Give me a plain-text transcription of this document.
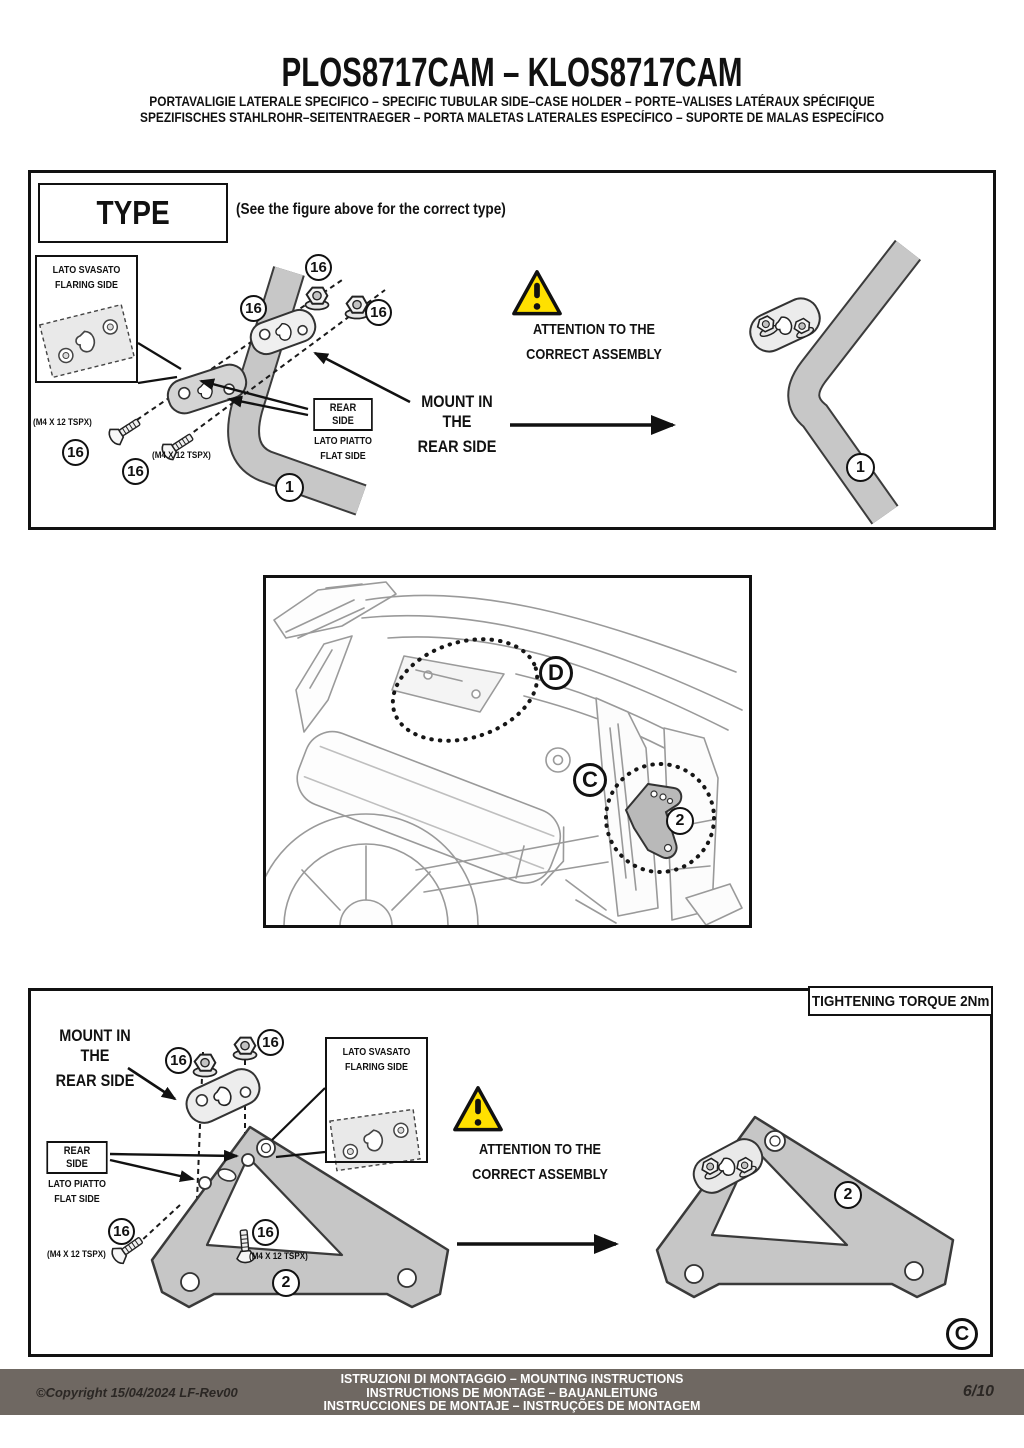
PLOS8717CAM – KLOS8717CAM
PORTAVALIGIE LATERALE SPECIFICO – SPECIFIC TUBULAR SIDE–CASE HOLDER – PORTE–VALISES LATÉRAUX SPÉCIFIQUE
SPEZIFISCHES STAHLROHR–SEITENTRAEGER – PORTA MALETAS LATERALES ESPECÍFICO – SUPORTE DE MALAS ESPECÍFICO
TYPE	(See the figure above for the correct type)
LATO SVASATO
FLARING SIDE
(M4 X 12 TSPX)
(M4 X 12 TSPX)
REAR SIDE
LATO PIATTO
FLAT SIDE
MOUNT IN THE
REAR SIDE
ATTENTION TO THE
CORRECT ASSEMBLY
16
16	16
16
16
1
1
D
C
2
TIGHTENING TORQUE 2Nm
MOUNT IN THE
REAR SIDE
LATO SVASATO
FLARING SIDE
REAR SIDE
LATO PIATTO
FLAT SIDE
ATTENTION TO THE
CORRECT ASSEMBLY
(M4 X 12 TSPX)	(M4 X 12 TSPX)
16
16
16	16
2
2
C
©Copyright 15/04/2024 LF-Rev00
ISTRUZIONI DI MONTAGGIO – MOUNTING INSTRUCTIONS
INSTRUCTIONS DE MONTAGE – BAUANLEITUNG
INSTRUCCIONES DE MONTAJE – INSTRUÇÕES DE MONTAGEM
6/10
